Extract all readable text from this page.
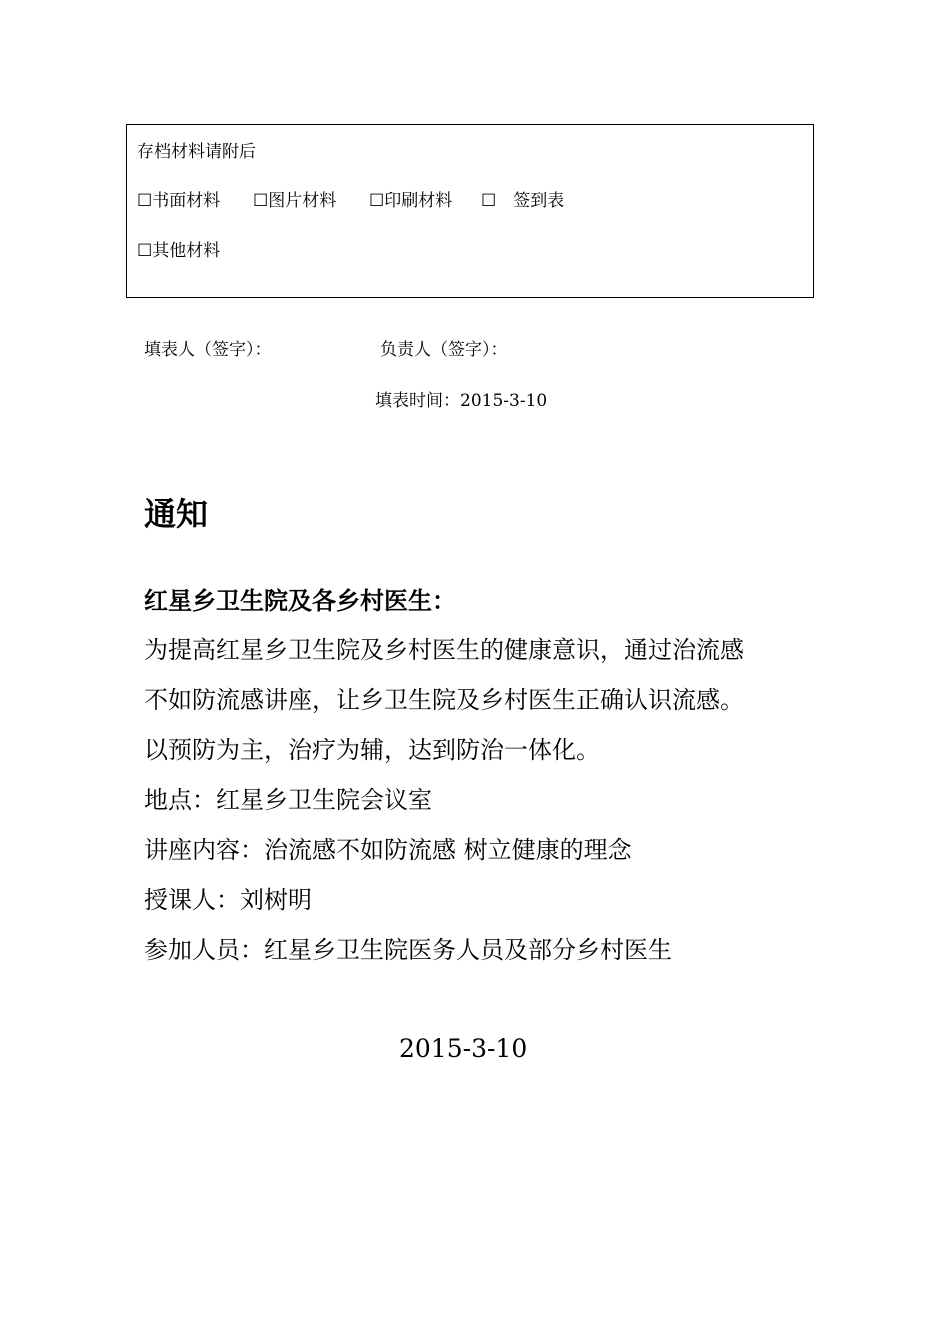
存档材料请附后
☐书面材料 ☐图片材料 ☐印刷材料 ☐　签到表
☐其他材料
填表人（签字）：	负责人（签字）：
填表时间：2015-3-10
通知
红星乡卫生院及各乡村医生：
为提高红星乡卫生院及乡村医生的健康意识，通过治流感
不如防流感讲座，让乡卫生院及乡村医生正确认识流感。
以预防为主，治疗为辅，达到防治一体化。
地点：红星乡卫生院会议室
讲座内容：治流感不如防流感 树立健康的理念
授课人：刘树明
参加人员：红星乡卫生院医务人员及部分乡村医生
2015-3-10
